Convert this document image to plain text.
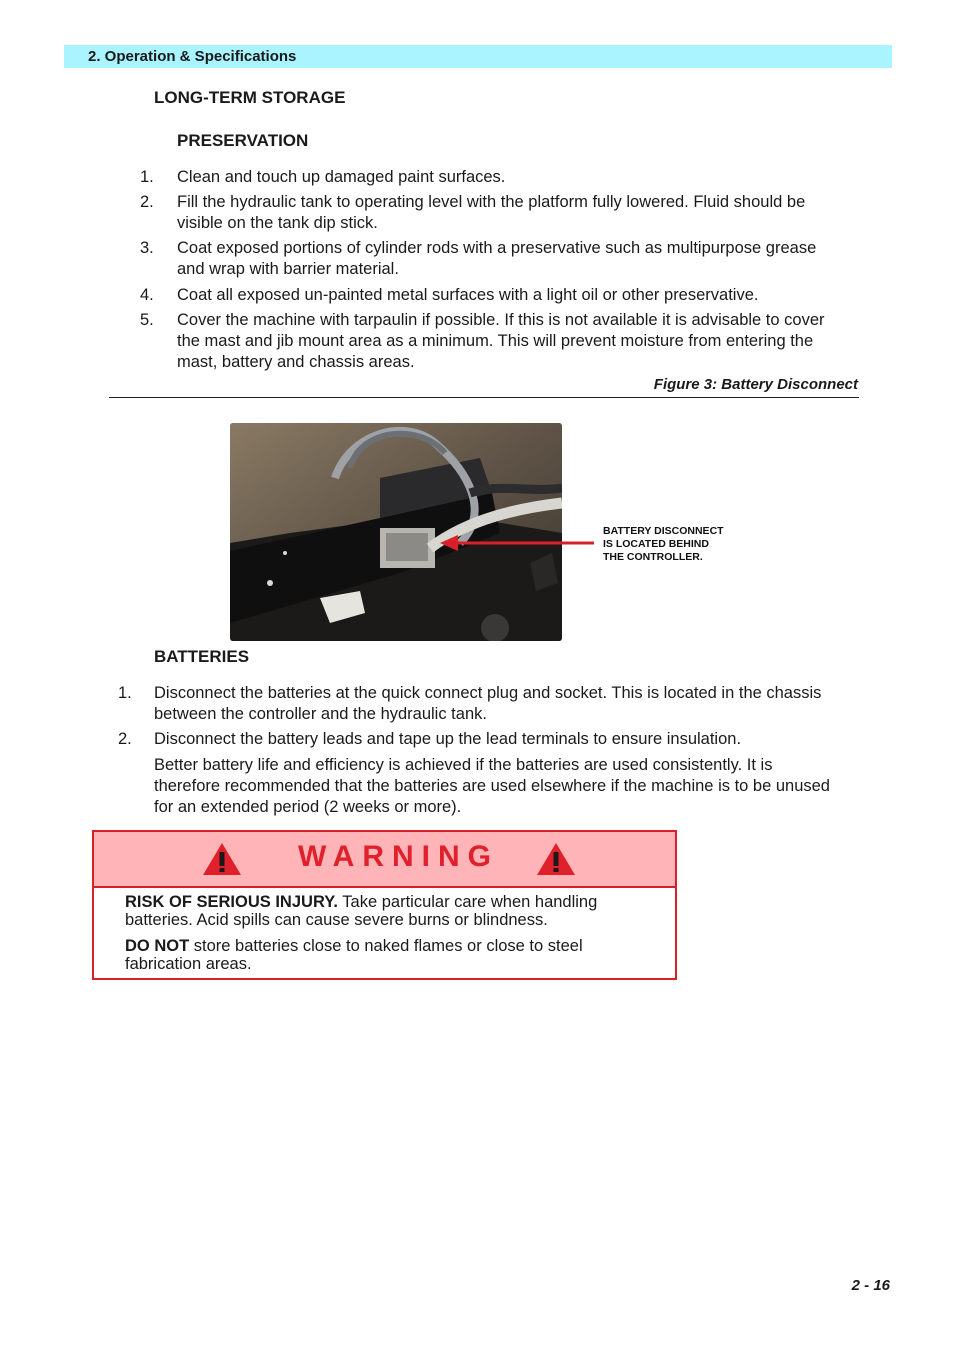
2. Operation & Specifications
LONG-TERM STORAGE
PRESERVATION
1. Clean and touch up damaged paint surfaces.
2. Fill the hydraulic tank to operating level with the platform fully lowered. Fluid should be
visible on the tank dip stick.
3. Coat exposed portions of cylinder rods with a preservative such as multipurpose grease
and wrap with barrier material.
4. Coat all exposed un-painted metal surfaces with a light oil or other preservative.
5. Cover the machine with tarpaulin if possible. If this is not available it is advisable to cover
the mast and jib mount area as a minimum. This will prevent moisture from entering the
mast, battery and chassis areas.
Figure 3: Battery Disconnect
BATTERY DISCONNECT
IS LOCATED BEHIND
THE CONTROLLER.
BATTERIES
1. Disconnect the batteries at the quick connect plug and socket. This is located in the chassis
between the controller and the hydraulic tank.
2. Disconnect the battery leads and tape up the lead terminals to ensure insulation.
Better battery life and efficiency is achieved if the batteries are used consistently. It is
therefore recommended that the batteries are used elsewhere if the machine is to be unused
for an extended period (2 weeks or more).
WARNING
RISK OF SERIOUS INJURY. Take particular care when handling
batteries. Acid spills can cause severe burns or blindness.
DO NOT store batteries close to naked flames or close to steel
fabrication areas.
2 - 16
